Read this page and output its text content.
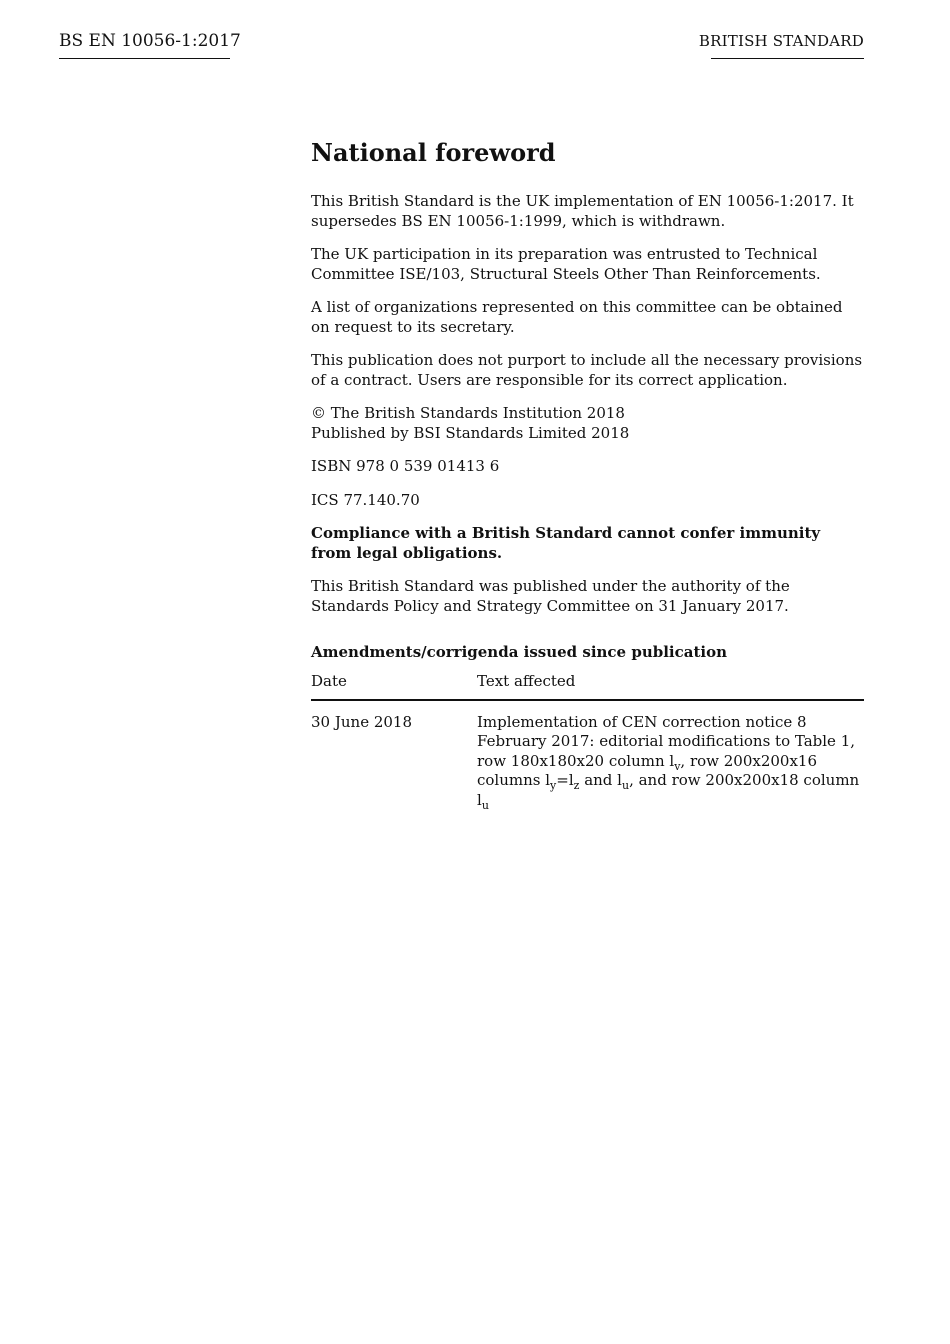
BS EN 10056-1:2017	BRITISH STANDARD
National foreword

This British Standard is the UK implementation of EN 10056-1:2017. It supersedes BS EN 10056-1:1999, which is withdrawn.

The UK participation in its preparation was entrusted to Technical Committee ISE/103, Structural Steels Other Than Reinforcements.

A list of organizations represented on this committee can be obtained on request to its secretary.

This publication does not purport to include all the necessary provisions of a contract. Users are responsible for its correct application.

© The British Standards Institution 2018
Published by BSI Standards Limited 2018

ISBN 978 0 539 01413 6

ICS 77.140.70

Compliance with a British Standard cannot confer immunity from legal obligations.

This British Standard was published under the authority of the Standards Policy and Strategy Committee on 31 January 2017.

Amendments/corrigenda issued since publication
Date	Text affected
30 June 2018	Implementation of CEN correction notice 8 February 2017: editorial modifications to Table 1, row 180x180x20 column $l_v$, row 200x200x16 columns $l_y=l_z$ and $l_u$, and row 200x200x18 column $l_u$
